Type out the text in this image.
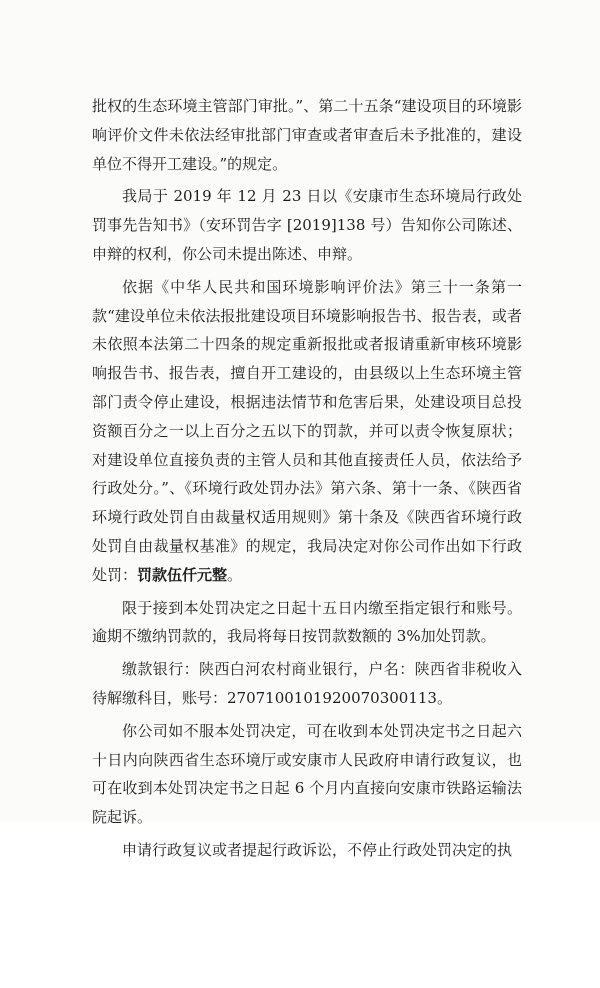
批权的生态环境主管部门审批。”、第二十五条“建设项目的环境影响评价文件未依法经审批部门审查或者审查后未予批准的，建设单位不得开工建设。”的规定。

我局于 2019 年 12 月 23 日以《安康市生态环境局行政处罚事先告知书》（安环罚告字 [2019]138 号）告知你公司陈述、申辩的权利，你公司未提出陈述、申辩。

依据《中华人民共和国环境影响评价法》第三十一条第一款“建设单位未依法报批建设项目环境影响报告书、报告表，或者未依照本法第二十四条的规定重新报批或者报请重新审核环境影响报告书、报告表，擅自开工建设的，由县级以上生态环境主管部门责令停止建设，根据违法情节和危害后果，处建设项目总投资额百分之一以上百分之五以下的罚款，并可以责令恢复原状；对建设单位直接负责的主管人员和其他直接责任人员，依法给予行政处分。”、《环境行政处罚办法》第六条、第十一条、《陕西省环境行政处罚自由裁量权适用规则》第十条及《陕西省环境行政处罚自由裁量权基准》的规定，我局决定对你公司作出如下行政处罚：罚款伍仟元整。

限于接到本处罚决定之日起十五日内缴至指定银行和账号。逾期不缴纳罚款的，我局将每日按罚款数额的 3%加处罚款。

缴款银行：陕西白河农村商业银行，户名：陕西省非税收入待解缴科目，账号：2707100101920070300113。

你公司如不服本处罚决定，可在收到本处罚决定书之日起六十日内向陕西省生态环境厅或安康市人民政府申请行政复议，也可在收到本处罚决定书之日起 6 个月内直接向安康市铁路运输法院起诉。

申请行政复议或者提起行政诉讼，不停止行政处罚决定的执
